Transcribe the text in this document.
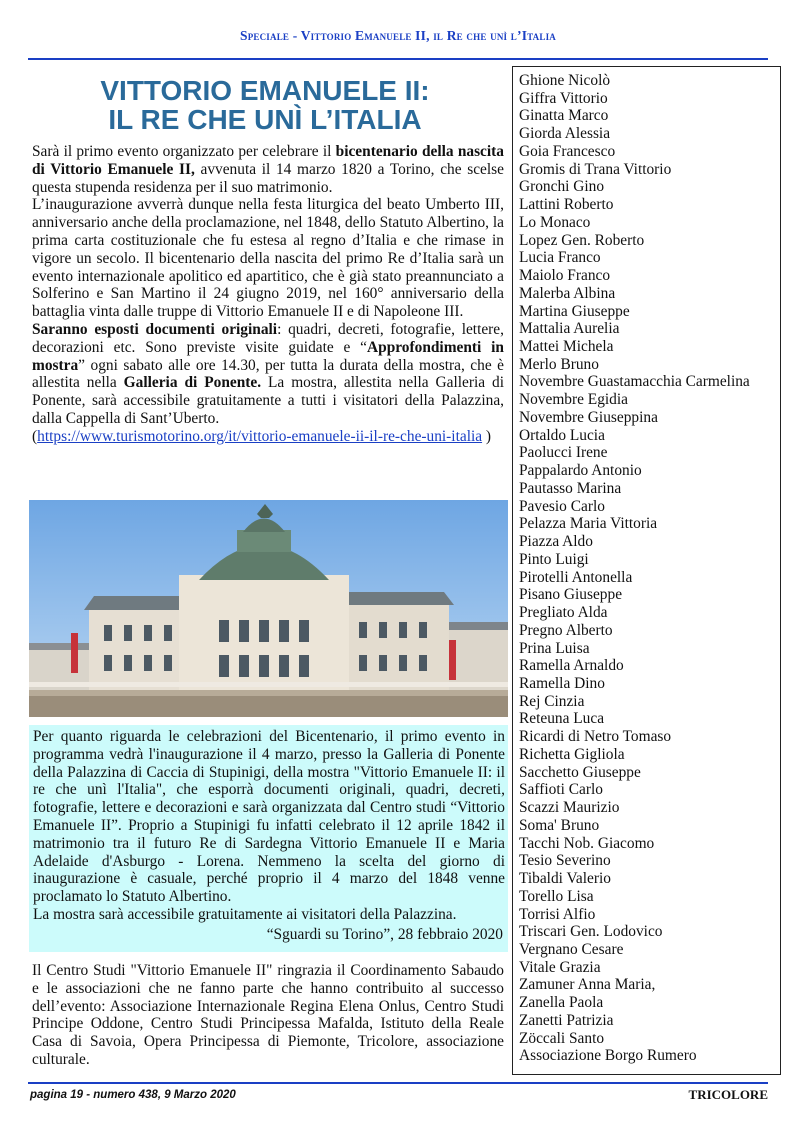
Speciale - Vittorio Emanuele II, il Re che unì l’Italia
VITTORIO EMANUELE II:
IL RE CHE UNÌ L’ITALIA

Sarà il primo evento organizzato per celebrare il bicentenario della nascita di Vittorio Emanuele II, avvenuta il 14 marzo 1820 a Torino, che scelse questa stupenda residenza per il suo matrimonio.

L’inaugurazione avverrà dunque nella festa liturgica del beato Umberto III, anniversario anche della proclamazione, nel 1848, dello Statuto Albertino, la prima carta costituzionale che fu estesa al regno d’Italia e che rimase in vigore un secolo. Il bicentenario della nascita del primo Re d’Italia sarà un evento internazionale apolitico ed apartitico, che è già stato preannunciato a Solferino e San Martino il 24 giugno 2019, nel 160° anniversario della battaglia vinta dalle truppe di Vittorio Emanuele II e di Napoleone III.

Saranno esposti documenti originali: quadri, decreti, fotografie, lettere, decorazioni etc. Sono previste visite guidate e “Approfondimenti in mostra” ogni sabato alle ore 14.30, per tutta la durata della mostra, che è allestita nella Galleria di Ponente. La mostra, allestita nella Galleria di Ponente, sarà accessibile gratuitamente a tutti i visitatori della Palazzina, dalla Cappella di Sant’Uberto.

(https://www.turismotorino.org/it/vittorio-emanuele-ii-il-re-che-uni-italia )

Per quanto riguarda le celebrazioni del Bicentenario, il primo evento in programma vedrà l'inaugurazione il 4 marzo, presso la Galleria di Ponente della Palazzina di Caccia di Stupinigi, della mostra "Vittorio Emanuele II: il re che unì l'Italia", che esporrà documenti originali, quadri, decreti, fotografie, lettere e decorazioni e sarà organizzata dal Centro studi “Vittorio Emanuele II”. Proprio a Stupinigi fu infatti celebrato il 12 aprile 1842 il matrimonio tra il futuro Re di Sardegna Vittorio Emanuele II e Maria Adelaide d'Asburgo - Lorena. Nemmeno la scelta del giorno di inaugurazione è casuale, perché proprio il 4 marzo del 1848 venne proclamato lo Statuto Albertino.

La mostra sarà accessibile gratuitamente ai visitatori della Palazzina.

“Sguardi su Torino”, 28 febbraio 2020
Il Centro Studi "Vittorio Emanuele II" ringrazia il Coordinamento Sabaudo e le associazioni che ne fanno parte che hanno contribuito al successo dell’evento: Associazione Internazionale Regina Elena Onlus, Centro Studi Principe Oddone, Centro Studi Principessa Mafalda, Istituto della Reale Casa di Savoia, Opera Principessa di Piemonte, Tricolore, associazione culturale.
Ghione Nicolò
Giffra Vittorio
Ginatta Marco
Giorda Alessia
Goia Francesco
Gromis di Trana Vittorio
Gronchi Gino
Lattini Roberto
Lo Monaco
Lopez Gen. Roberto
Lucia Franco
Maiolo Franco
Malerba Albina
Martina Giuseppe
Mattalia Aurelia
Mattei Michela
Merlo Bruno
Novembre Guastamacchia Carmelina
Novembre Egidia
Novembre Giuseppina
Ortaldo Lucia
Paolucci Irene
Pappalardo Antonio
Pautasso Marina
Pavesio Carlo
Pelazza Maria Vittoria
Piazza Aldo
Pinto Luigi
Pirotelli Antonella
Pisano Giuseppe
Pregliato Alda
Pregno Alberto
Prina Luisa
Ramella Arnaldo
Ramella Dino
Rej Cinzia
Reteuna Luca
Ricardi di Netro Tomaso
Richetta Gigliola
Sacchetto Giuseppe
Saffioti Carlo
Scazzi Maurizio
Soma' Bruno
Tacchi Nob. Giacomo
Tesio Severino
Tibaldi Valerio
Torello Lisa
Torrisi Alfio
Triscari Gen. Lodovico
Vergnano Cesare
Vitale Grazia
Zamuner Anna Maria,
Zanella Paola
Zanetti Patrizia
Zöccali Santo
Associazione Borgo Rumero
pagina 19 - numero 438, 9 Marzo 2020	TRICOLORE
